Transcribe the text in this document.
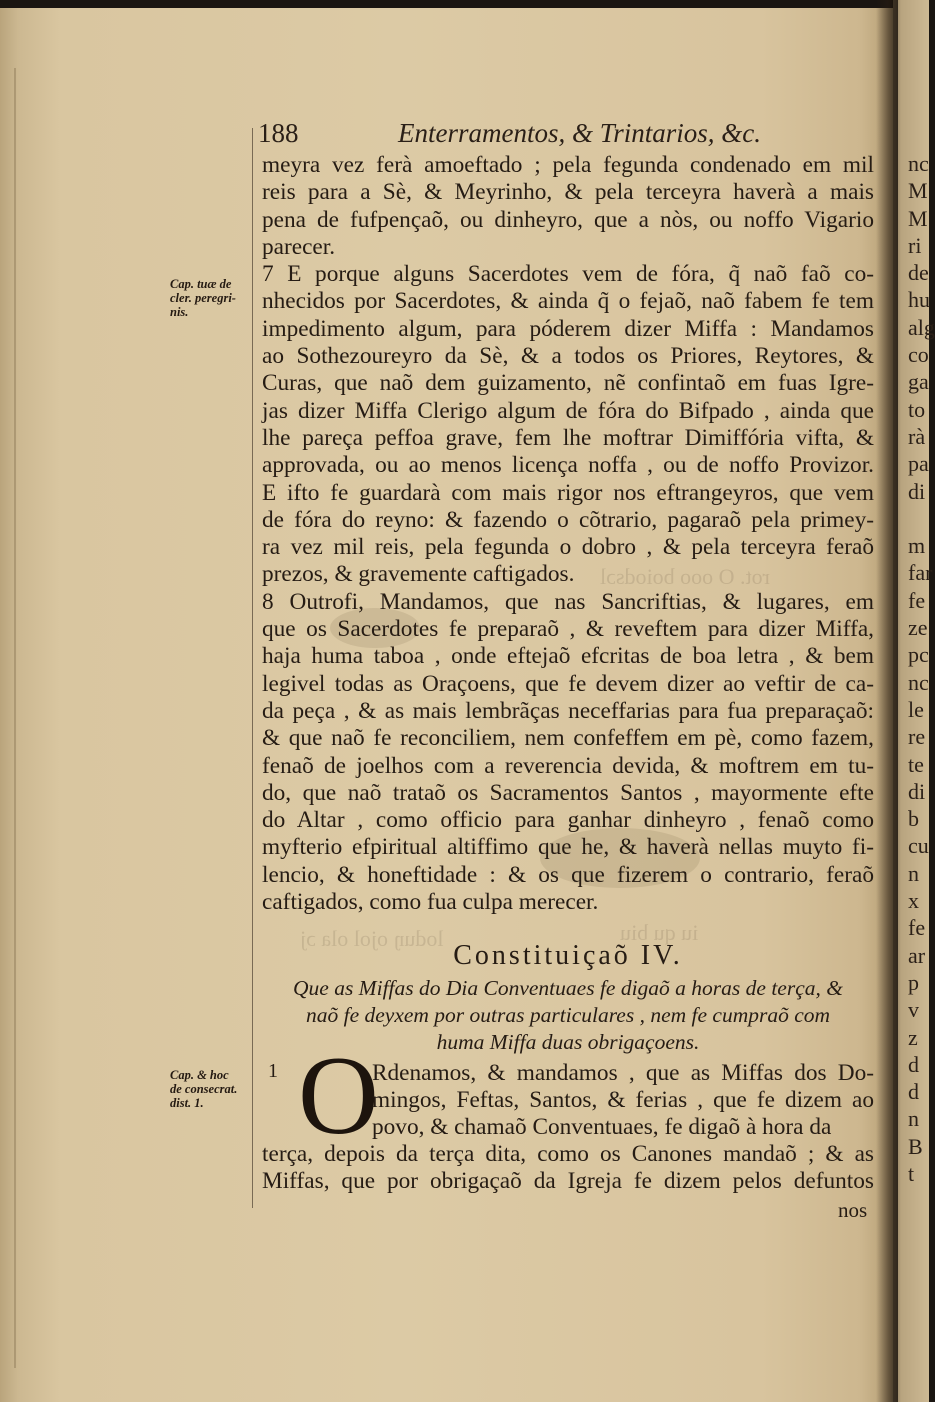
rot. O ooo boiodsɔl
iu qu biu
loduŋ ojol ola ɔj
nc
M
M
ri
de
hu
alg
co
ga
to
rà
pa
di
m
far
fe
ze
pc
nc
le
re
te
di
b
cu
n
x
fe
ar
p
v
z
d
d
n
B
t
188	Enterramentos, & Trintarios, &c.
Cap. tuæ de
cler. peregri-
nis.
Cap. & hoc
de consecrat.
dist. 1.
meyra vez ferà amoeftado ; pela fegunda condenado em mil
reis para a Sè, & Meyrinho, & pela terceyra haverà a mais
pena de fufpençaõ, ou dinheyro, que a nòs, ou noffo Vigario
parecer.
7 E porque alguns Sacerdotes vem de fóra, q̃ naõ faõ co-
nhecidos por Sacerdotes, & ainda q̃ o fejaõ, naõ fabem fe tem
impedimento algum, para póderem dizer Miffa : Mandamos
ao Sothezoureyro da Sè, & a todos os Priores, Reytores, &
Curas, que naõ dem guizamento, nẽ confintaõ em fuas Igre-
jas dizer Miffa Clerigo algum de fóra do Bifpado , ainda que
lhe pareça peffoa grave, fem lhe moftrar Dimiffória vifta, &
approvada, ou ao menos licença noffa , ou de noffo Provizor.
E ifto fe guardarà com mais rigor nos eftrangeyros, que vem
de fóra do reyno: & fazendo o cõtrario, pagaraõ pela primey-
ra vez mil reis, pela fegunda o dobro , & pela terceyra feraõ
prezos, & gravemente caftigados.
8 Outrofi, Mandamos, que nas Sancriftias, & lugares, em
que os Sacerdotes fe preparaõ , & reveftem para dizer Miffa,
haja huma taboa , onde eftejaõ efcritas de boa letra , & bem
legivel todas as Oraçoens, que fe devem dizer ao veftir de ca-
da peça , & as mais lembrãças neceffarias para fua preparaçaõ:
& que naõ fe reconciliem, nem confeffem em pè, como fazem,
fenaõ de joelhos com a reverencia devida, & moftrem em tu-
do, que naõ trataõ os Sacramentos Santos , mayormente efte
do Altar , como officio para ganhar dinheyro , fenaõ como
myfterio efpiritual altiffimo que he, & haverà nellas muyto fi-
lencio, & honeftidade : & os que fizerem o contrario, feraõ
caftigados, como fua culpa merecer.
Constituiçaõ IV.
Que as Miffas do Dia Conventuaes fe digaõ a horas de terça, &
naõ fe deyxem por outras particulares , nem fe cumpraõ com
huma Miffa duas obrigaçoens.
1 O
Rdenamos, & mandamos , que as Miffas dos Do-
mingos, Feftas, Santos, & ferias , que fe dizem ao
povo, & chamaõ Conventuaes, fe digaõ à hora da
terça, depois da terça dita, como os Canones mandaõ ; & as
Miffas, que por obrigaçaõ da Igreja fe dizem pelos defuntos
nos
